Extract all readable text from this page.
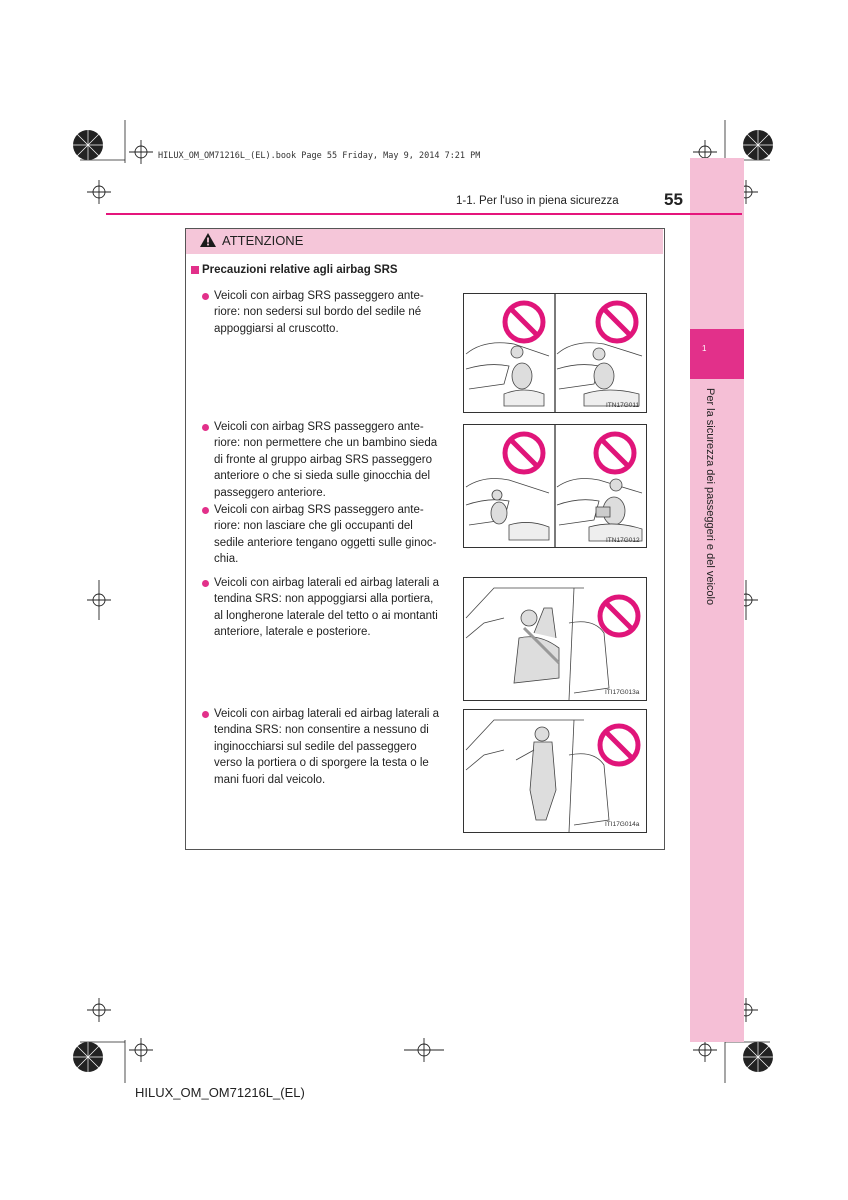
HILUX_OM_OM71216L_(EL).book Page 55 Friday, May 9, 2014 7:21 PM
1
Per la sicurezza dei passeggeri e del veicolo
1-1. Per l'uso in piena sicurezza	55
ATTENZIONE
Precauzioni relative agli airbag SRS
Veicoli con airbag SRS passeggero ante-
riore: non sedersi sul bordo del sedile né
appoggiarsi al cruscotto.
Veicoli con airbag SRS passeggero ante-
riore: non permettere che un bambino sieda
di fronte al gruppo airbag SRS passeggero
anteriore o che si sieda sulle ginocchia del
passeggero anteriore.
Veicoli con airbag SRS passeggero ante-
riore: non lasciare che gli occupanti del
sedile anteriore tengano oggetti sulle ginoc-
chia.
Veicoli con airbag laterali ed airbag laterali a
tendina SRS: non appoggiarsi alla portiera,
al longherone laterale del tetto o ai montanti
anteriore, laterale e posteriore.
Veicoli con airbag laterali ed airbag laterali a
tendina SRS: non consentire a nessuno di
inginocchiarsi sul sedile del passeggero
verso la portiera o di sporgere la testa o le
mani fuori dal veicolo.
ITN17G011
ITN17G012
ITI17G013a
ITI17G014a
HILUX_OM_OM71216L_(EL)
